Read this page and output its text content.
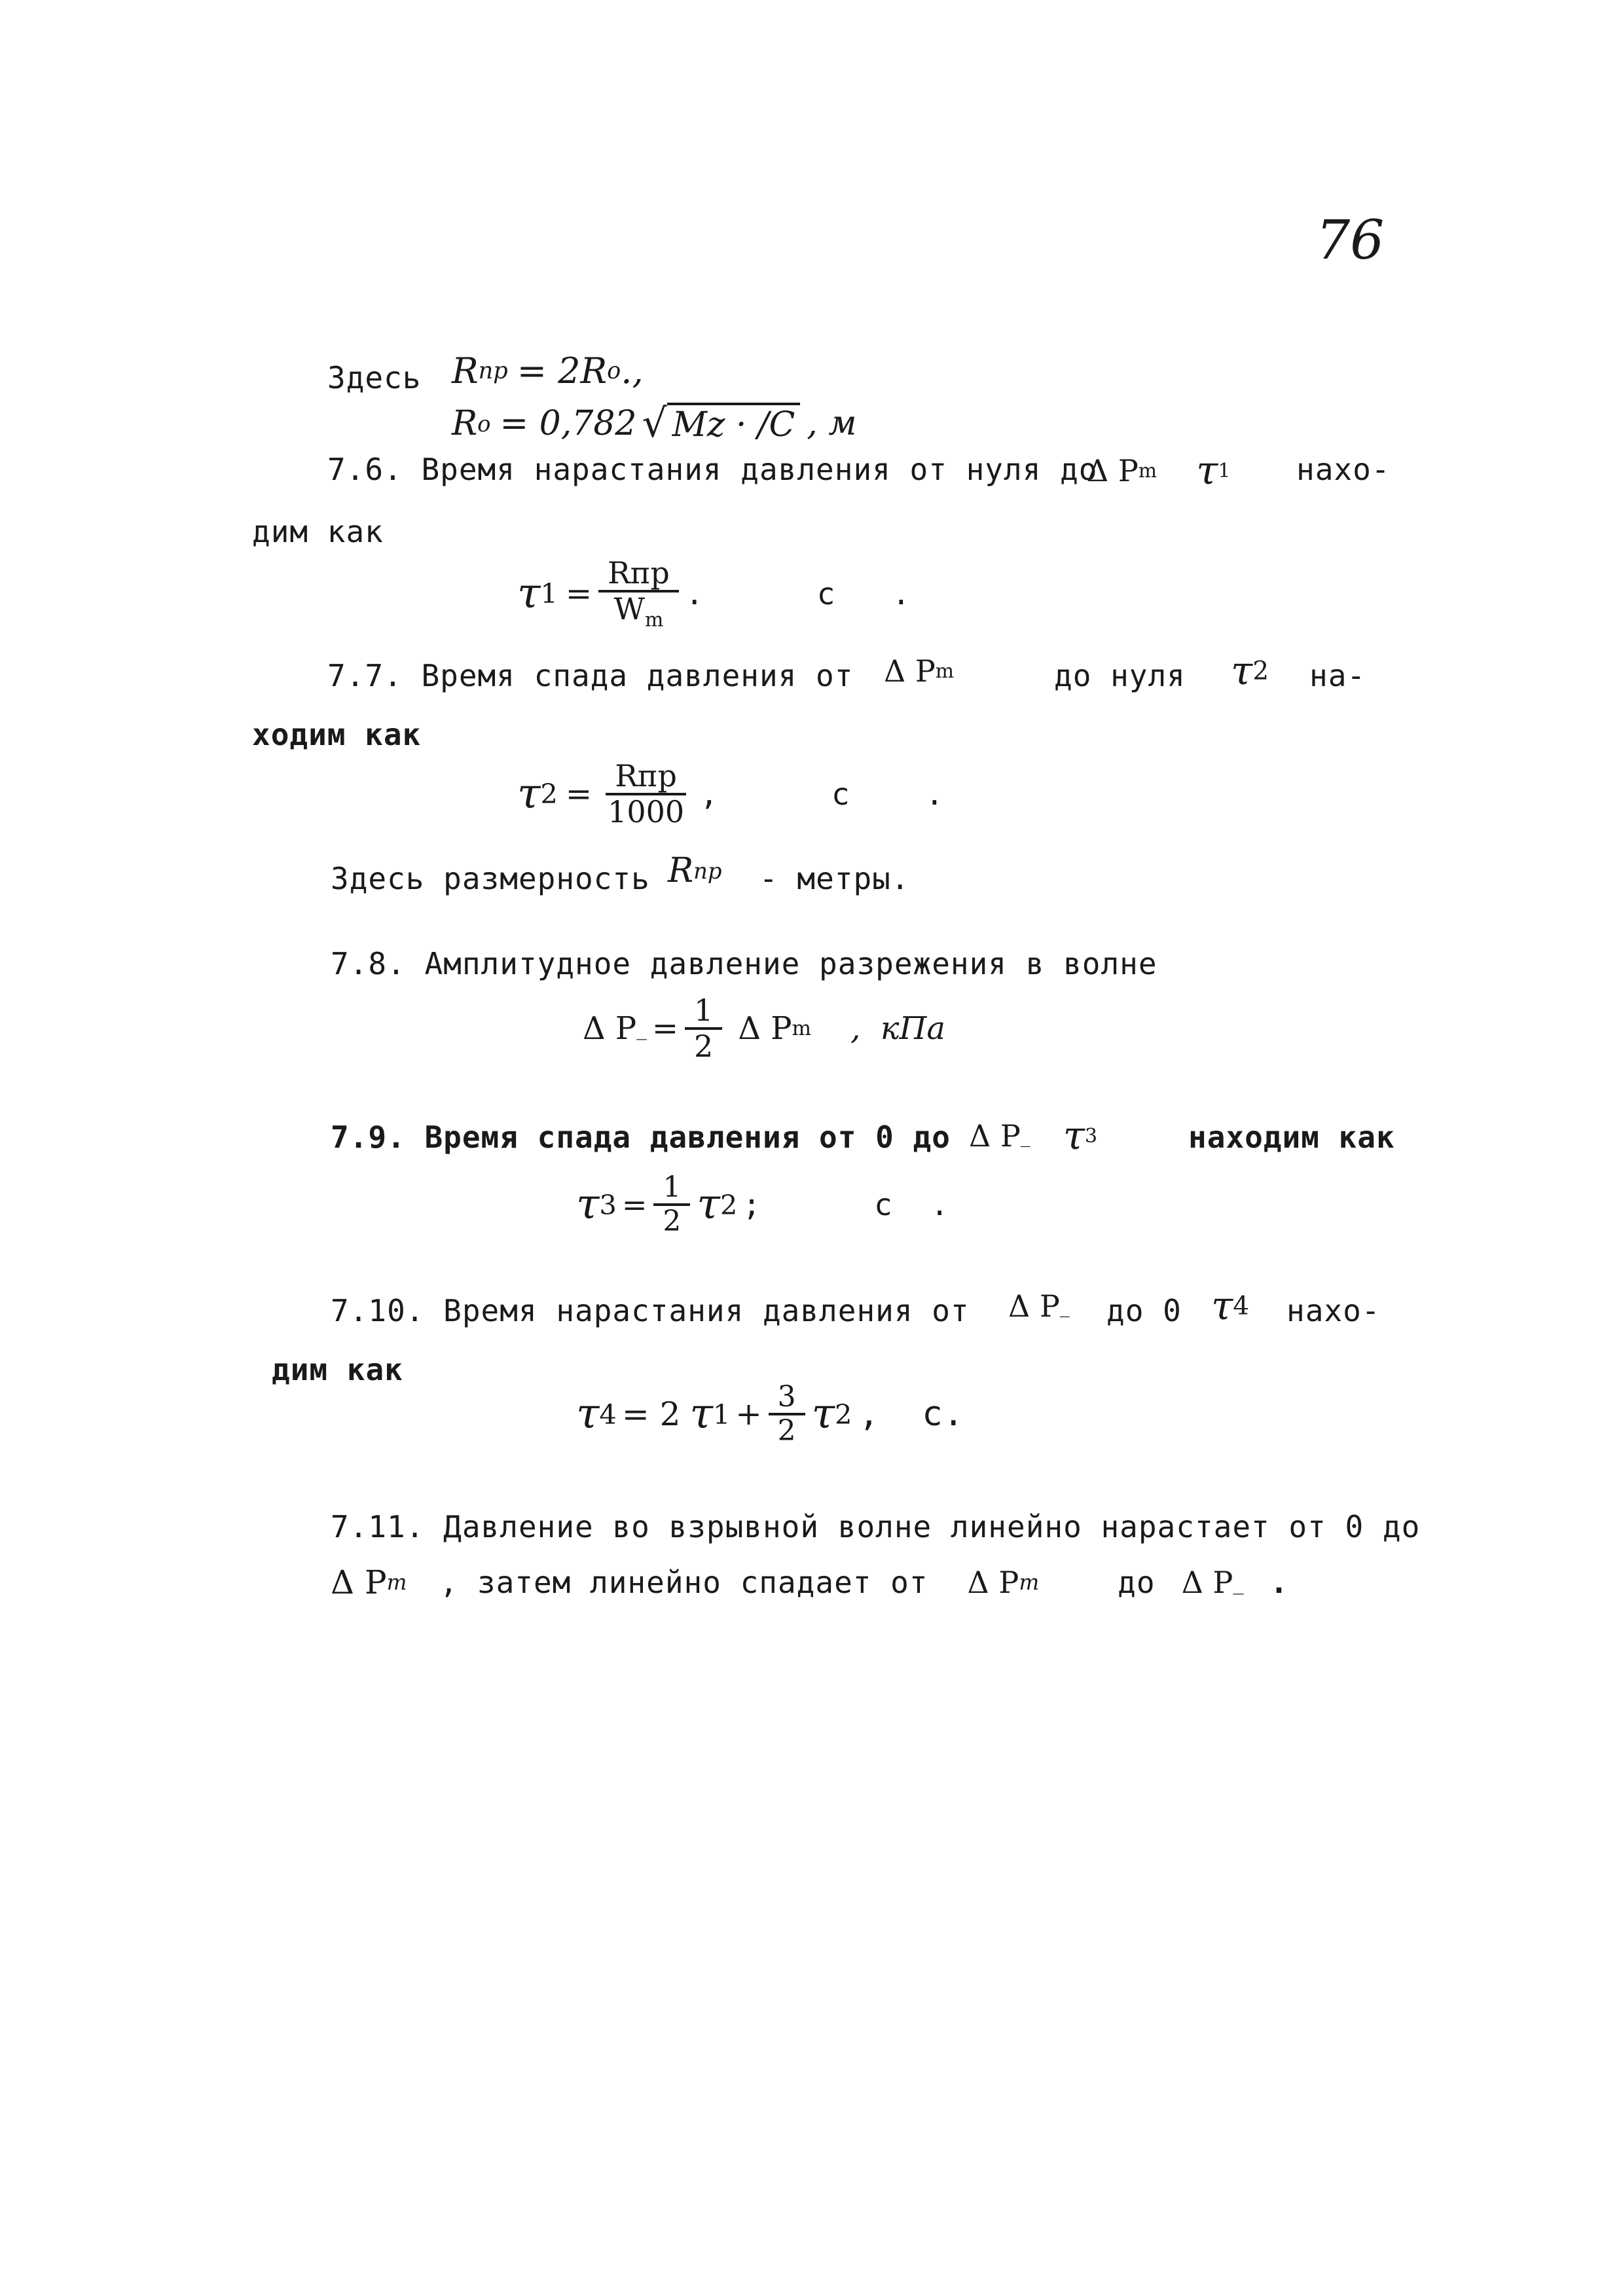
76
Здесь R пр = 2R о .,
R о = 0,782 √ Mz · /C , м
7.6. Время нарастания давления от нуля до
Δ P m τ 1 нахо-
дим как
τ $1 = \frac{\text{Rпр}}{W_m}$ .      с   .
7.7. Время спада давления от Δ P m	до нуля τ 2 на-
ходим как
τ $2 = \frac{\text{Rпр}}{1000}$ ,      с    .
Здесь размерность R пр - метры.
7.8. Амплитудное давление разрежения в волне
Δ P _ = $\frac{1}{2}$ Δ P m ,  кПа
7.9. Время спада давления от 0 до Δ P _ τ 3	находим как
τ $3 = \frac{1}{2}$ τ 2 ;      с  .
7.10. Время нарастания давления от Δ P _ до 0 τ 4 нахо-
дим как
τ 4 = 2 τ $1 + \frac{3}{2}$ τ 2 ,  с.
7.11. Давление во взрывной волне линейно нарастает от 0 до
Δ P m , затем линейно спадает от Δ P m	до Δ P _ .
